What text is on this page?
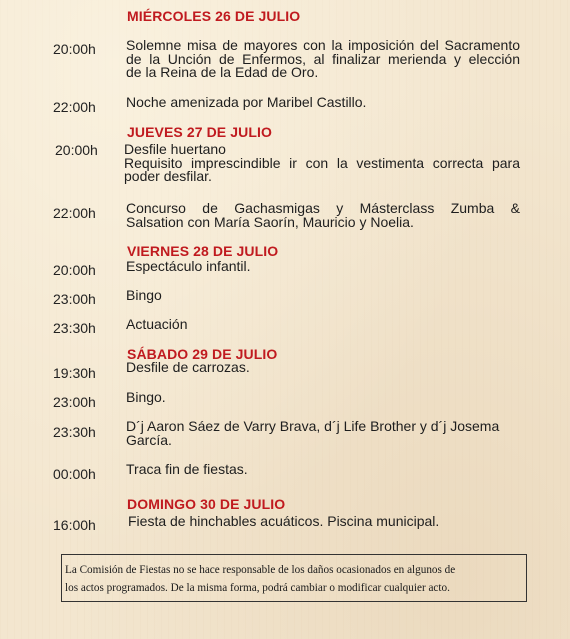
MIÉRCOLES 26 DE JULIO
20:00h Solemne misa de mayores con la imposición del Sacramento
de la Unción de Enfermos, al finalizar merienda y elección
de la Reina de la Edad de Oro.
22:00h Noche amenizada por Maribel Castillo.
JUEVES 27 DE JULIO
20:00h Desfile huertano
Requisito imprescindible ir con la vestimenta correcta para
poder desfilar.
22:00h Concurso de Gachasmigas y Másterclass Zumba &
Salsation con María Saorín, Mauricio y Noelia.
VIERNES 28 DE JULIO
20:00h Espectáculo infantil.
23:00h Bingo
23:30h Actuación
SÁBADO 29 DE JULIO
19:30h Desfile de carrozas.
23:00h Bingo.
23:30h D´j Aaron Sáez de Varry Brava, d´j Life Brother y d´j Josema
García.
00:00h Traca fin de fiestas.
DOMINGO 30 DE JULIO
16:00h Fiesta de hinchables acuáticos. Piscina municipal.
La Comisión de Fiestas no se hace responsable de los daños ocasionados en algunos de
los actos programados. De la misma forma, podrá cambiar o modificar cualquier acto.
